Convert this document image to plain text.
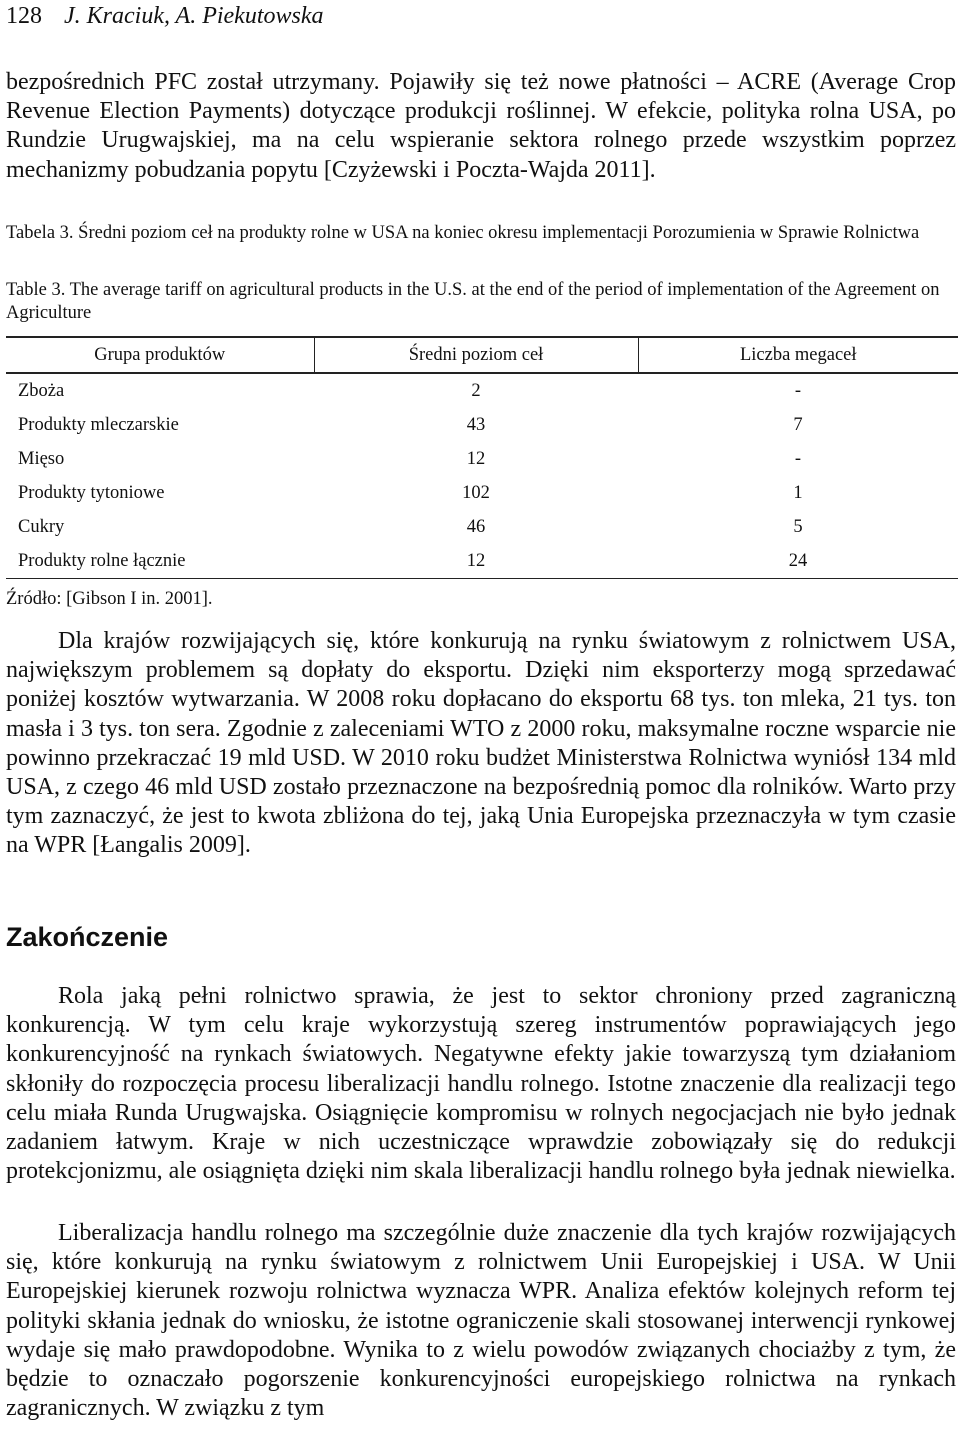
128 J. Kraciuk, A. Piekutowska
bezpośrednich PFC został utrzymany. Pojawiły się też nowe płatności – ACRE (Average Crop Revenue Election Payments) dotyczące produkcji roślinnej. W efekcie, polityka rolna USA, po Rundzie Urugwajskiej, ma na celu wspieranie sektora rolnego przede wszystkim poprzez mechanizmy pobudzania popytu [Czyżewski i Poczta-Wajda 2011].
Tabela 3. Średni poziom ceł na produkty rolne w USA na koniec okresu implementacji Porozumienia w Sprawie Rolnictwa
Table 3. The average tariff on agricultural products in the U.S. at the end of the period of implementation of the Agreement on Agriculture
Grupa produktów	Średni poziom ceł	Liczba megaceł
Zboża	2	-
Produkty mleczarskie	43	7
Mięso	12	-
Produkty tytoniowe	102	1
Cukry	46	5
Produkty rolne łącznie	12	24
Źródło: [Gibson I in. 2001].
Dla krajów rozwijających się, które konkurują na rynku światowym z rolnictwem USA, największym problemem są dopłaty do eksportu. Dzięki nim eksporterzy mogą sprzedawać poniżej kosztów wytwarzania. W 2008 roku dopłacano do eksportu 68 tys. ton mleka, 21 tys. ton masła i 3 tys. ton sera. Zgodnie z zaleceniami WTO z 2000 roku, maksymalne roczne wsparcie nie powinno przekraczać 19 mld USD. W 2010 roku budżet Ministerstwa Rolnictwa wyniósł 134 mld USA, z czego 46 mld USD zostało przeznaczone na bezpośrednią pomoc dla rolników. Warto przy tym zaznaczyć, że jest to kwota zbliżona do tej, jaką Unia Europejska przeznaczyła w tym czasie na WPR [Łangalis 2009].
Zakończenie
Rola jaką pełni rolnictwo sprawia, że jest to sektor chroniony przed zagraniczną konkurencją. W tym celu kraje wykorzystują szereg instrumentów poprawiających jego konkurencyjność na rynkach światowych. Negatywne efekty jakie towarzyszą tym działaniom skłoniły do rozpoczęcia procesu liberalizacji handlu rolnego. Istotne znaczenie dla realizacji tego celu miała Runda Urugwajska. Osiągnięcie kompromisu w rolnych negocjacjach nie było jednak zadaniem łatwym. Kraje w nich uczestniczące wprawdzie zobowiązały się do redukcji protekcjonizmu, ale osiągnięta dzięki nim skala liberalizacji handlu rolnego była jednak niewielka.
Liberalizacja handlu rolnego ma szczególnie duże znaczenie dla tych krajów rozwijających się, które konkurują na rynku światowym z rolnictwem Unii Europejskiej i USA. W Unii Europejskiej kierunek rozwoju rolnictwa wyznacza WPR. Analiza efektów kolejnych reform tej polityki skłania jednak do wniosku, że istotne ograniczenie skali stosowanej interwencji rynkowej wydaje się mało prawdopodobne. Wynika to z wielu powodów związanych chociażby z tym, że będzie to oznaczało pogorszenie konkurencyjności europejskiego rolnictwa na rynkach zagranicznych. W związku z tym
